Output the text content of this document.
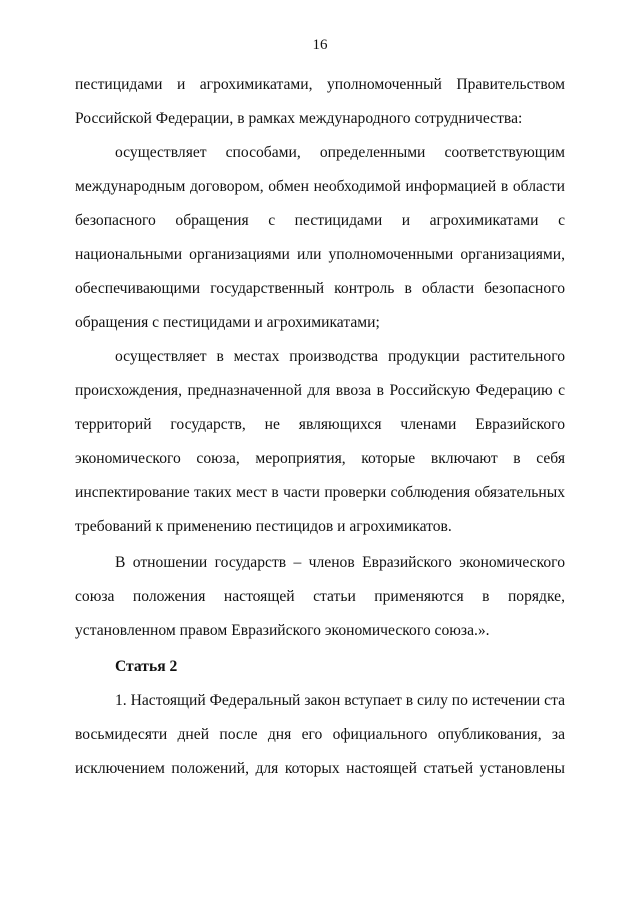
16
пестицидами и агрохимикатами, уполномоченный Правительством
Российской Федерации, в рамках международного сотрудничества:
осуществляет способами, определенными соответствующим
международным договором, обмен необходимой информацией в области
безопасного обращения с пестицидами и агрохимикатами с
национальными организациями или уполномоченными организациями,
обеспечивающими государственный контроль в области безопасного
обращения с пестицидами и агрохимикатами;
осуществляет в местах производства продукции растительного
происхождения, предназначенной для ввоза в Российскую Федерацию с
территорий государств, не являющихся членами Евразийского
экономического союза, мероприятия, которые включают в себя
инспектирование таких мест в части проверки соблюдения обязательных
требований к применению пестицидов и агрохимикатов.
В отношении государств – членов Евразийского экономического
союза положения настоящей статьи применяются в порядке,
установленном правом Евразийского экономического союза.».
Статья 2
1. Настоящий Федеральный закон вступает в силу по истечении ста
восьмидесяти дней после дня его официального опубликования, за
исключением положений, для которых настоящей статьей установлены
